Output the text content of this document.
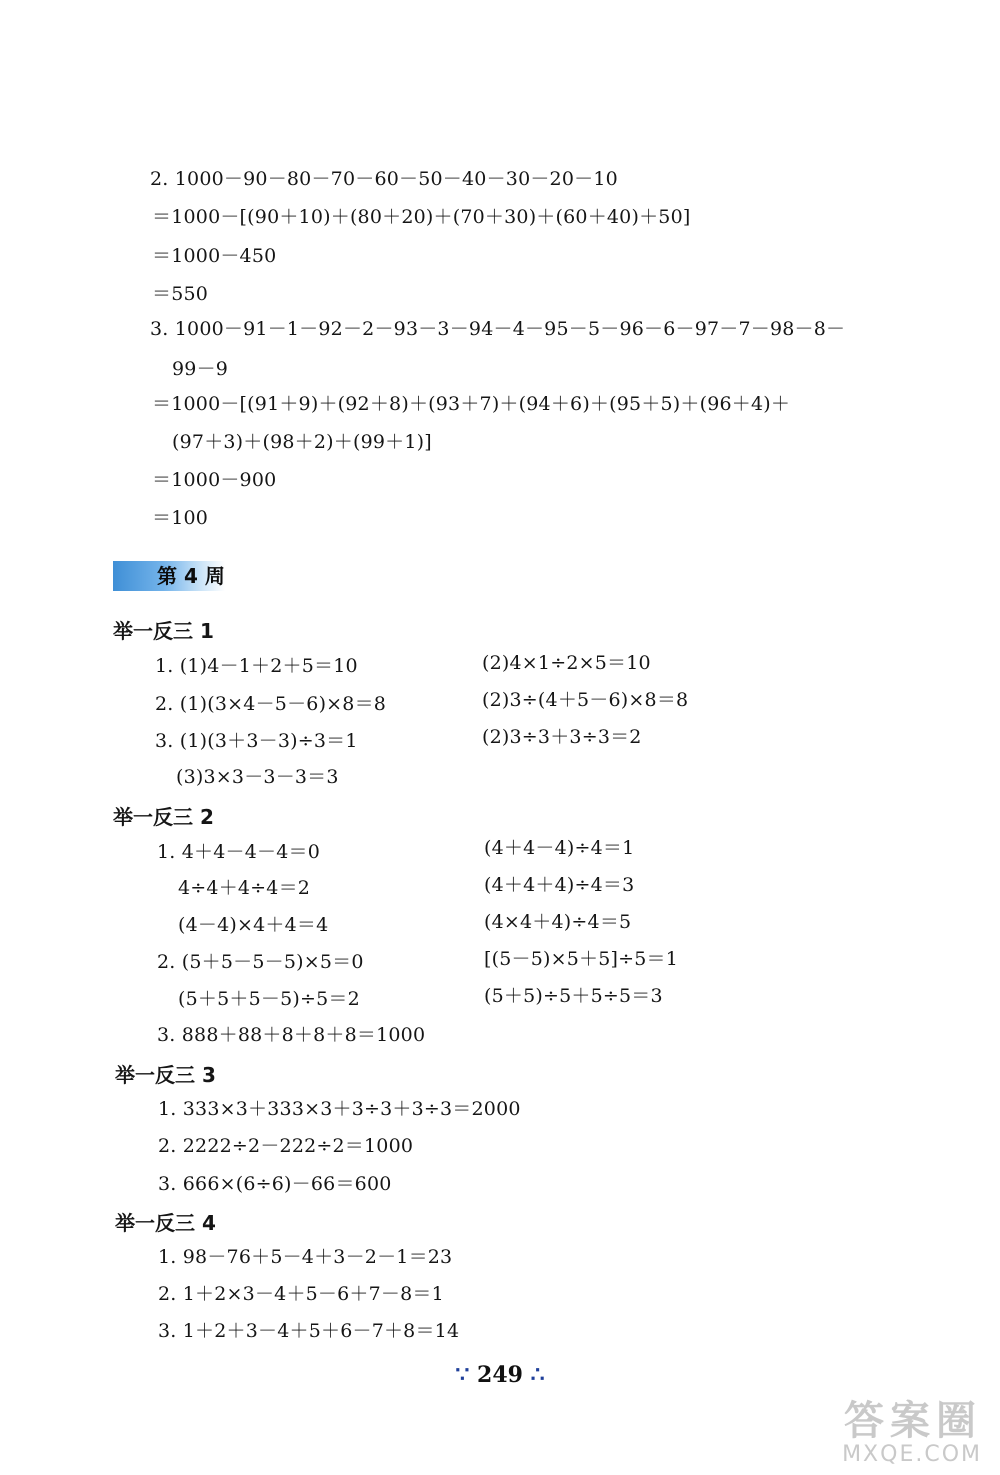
2. 1000－90－80－70－60－50－40－30－20－10
＝1000－[(90＋10)＋(80＋20)＋(70＋30)＋(60＋40)＋50]
＝1000－450
＝550
3. 1000－91－1－92－2－93－3－94－4－95－5－96－6－97－7－98－8－
99－9
＝1000－[(91＋9)＋(92＋8)＋(93＋7)＋(94＋6)＋(95＋5)＋(96＋4)＋
(97＋3)＋(98＋2)＋(99＋1)]
＝1000－900
＝100
第 4 周
举一反三 1
1. (1)4－1＋2＋5＝10
2. (1)(3×4－5－6)×8＝8
3. (1)(3＋3－3)÷3＝1
(3)3×3－3－3＝3
(2)4×1÷2×5＝10
(2)3÷(4＋5－6)×8＝8
(2)3÷3＋3÷3＝2
举一反三 2
1. 4＋4－4－4＝0
4÷4＋4÷4＝2
(4－4)×4＋4＝4
2. (5＋5－5－5)×5＝0
(5＋5＋5－5)÷5＝2
3. 888＋88＋8＋8＋8＝1000
(4＋4－4)÷4＝1
(4＋4＋4)÷4＝3
(4×4＋4)÷4＝5
[(5－5)×5＋5]÷5＝1
(5＋5)÷5＋5÷5＝3
举一反三 3
1. 333×3＋333×3＋3÷3＋3÷3＝2000
2. 2222÷2－222÷2＝1000
3. 666×(6÷6)－66＝600
举一反三 4
1. 98－76＋5－4＋3－2－1＝23
2. 1＋2×3－4＋5－6＋7－8＝1
3. 1＋2＋3－4＋5＋6－7＋8＝14
∵ 249 ∴
答案圈
MXQE.COM
